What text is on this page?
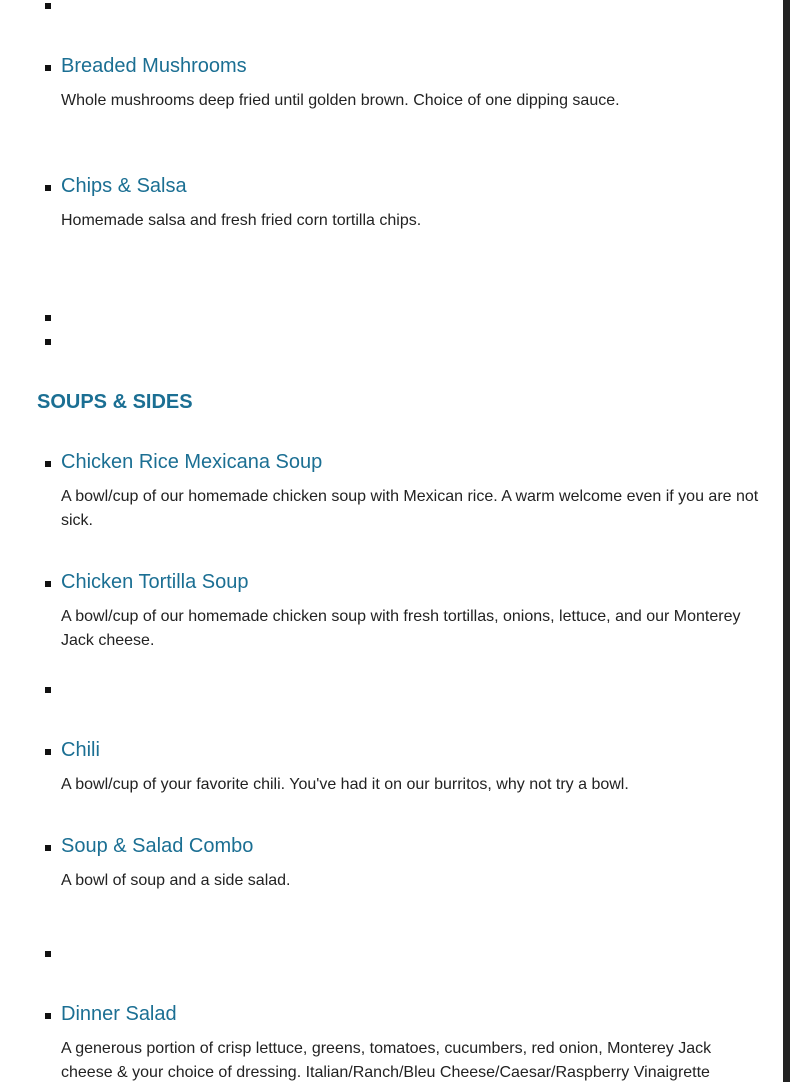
Breaded Mushrooms

Whole mushrooms deep fried until golden brown. Choice of one dipping sauce.

Chips & Salsa

Homemade salsa and fresh fried corn tortilla chips.

SOUPS & SIDES
Chicken Rice Mexicana Soup

A bowl/cup of our homemade chicken soup with Mexican rice. A warm welcome even if you are not sick.

Chicken Tortilla Soup

A bowl/cup of our homemade chicken soup with fresh tortillas, onions, lettuce, and our Monterey Jack cheese.

Chili

A bowl/cup of your favorite chili. You've had it on our burritos, why not try a bowl.

Soup & Salad Combo

A bowl of soup and a side salad.

Dinner Salad

A generous portion of crisp lettuce, greens, tomatoes, cucumbers, red onion, Monterey Jack cheese & your choice of dressing. Italian/Ranch/Bleu Cheese/Caesar/Raspberry Vinaigrette
